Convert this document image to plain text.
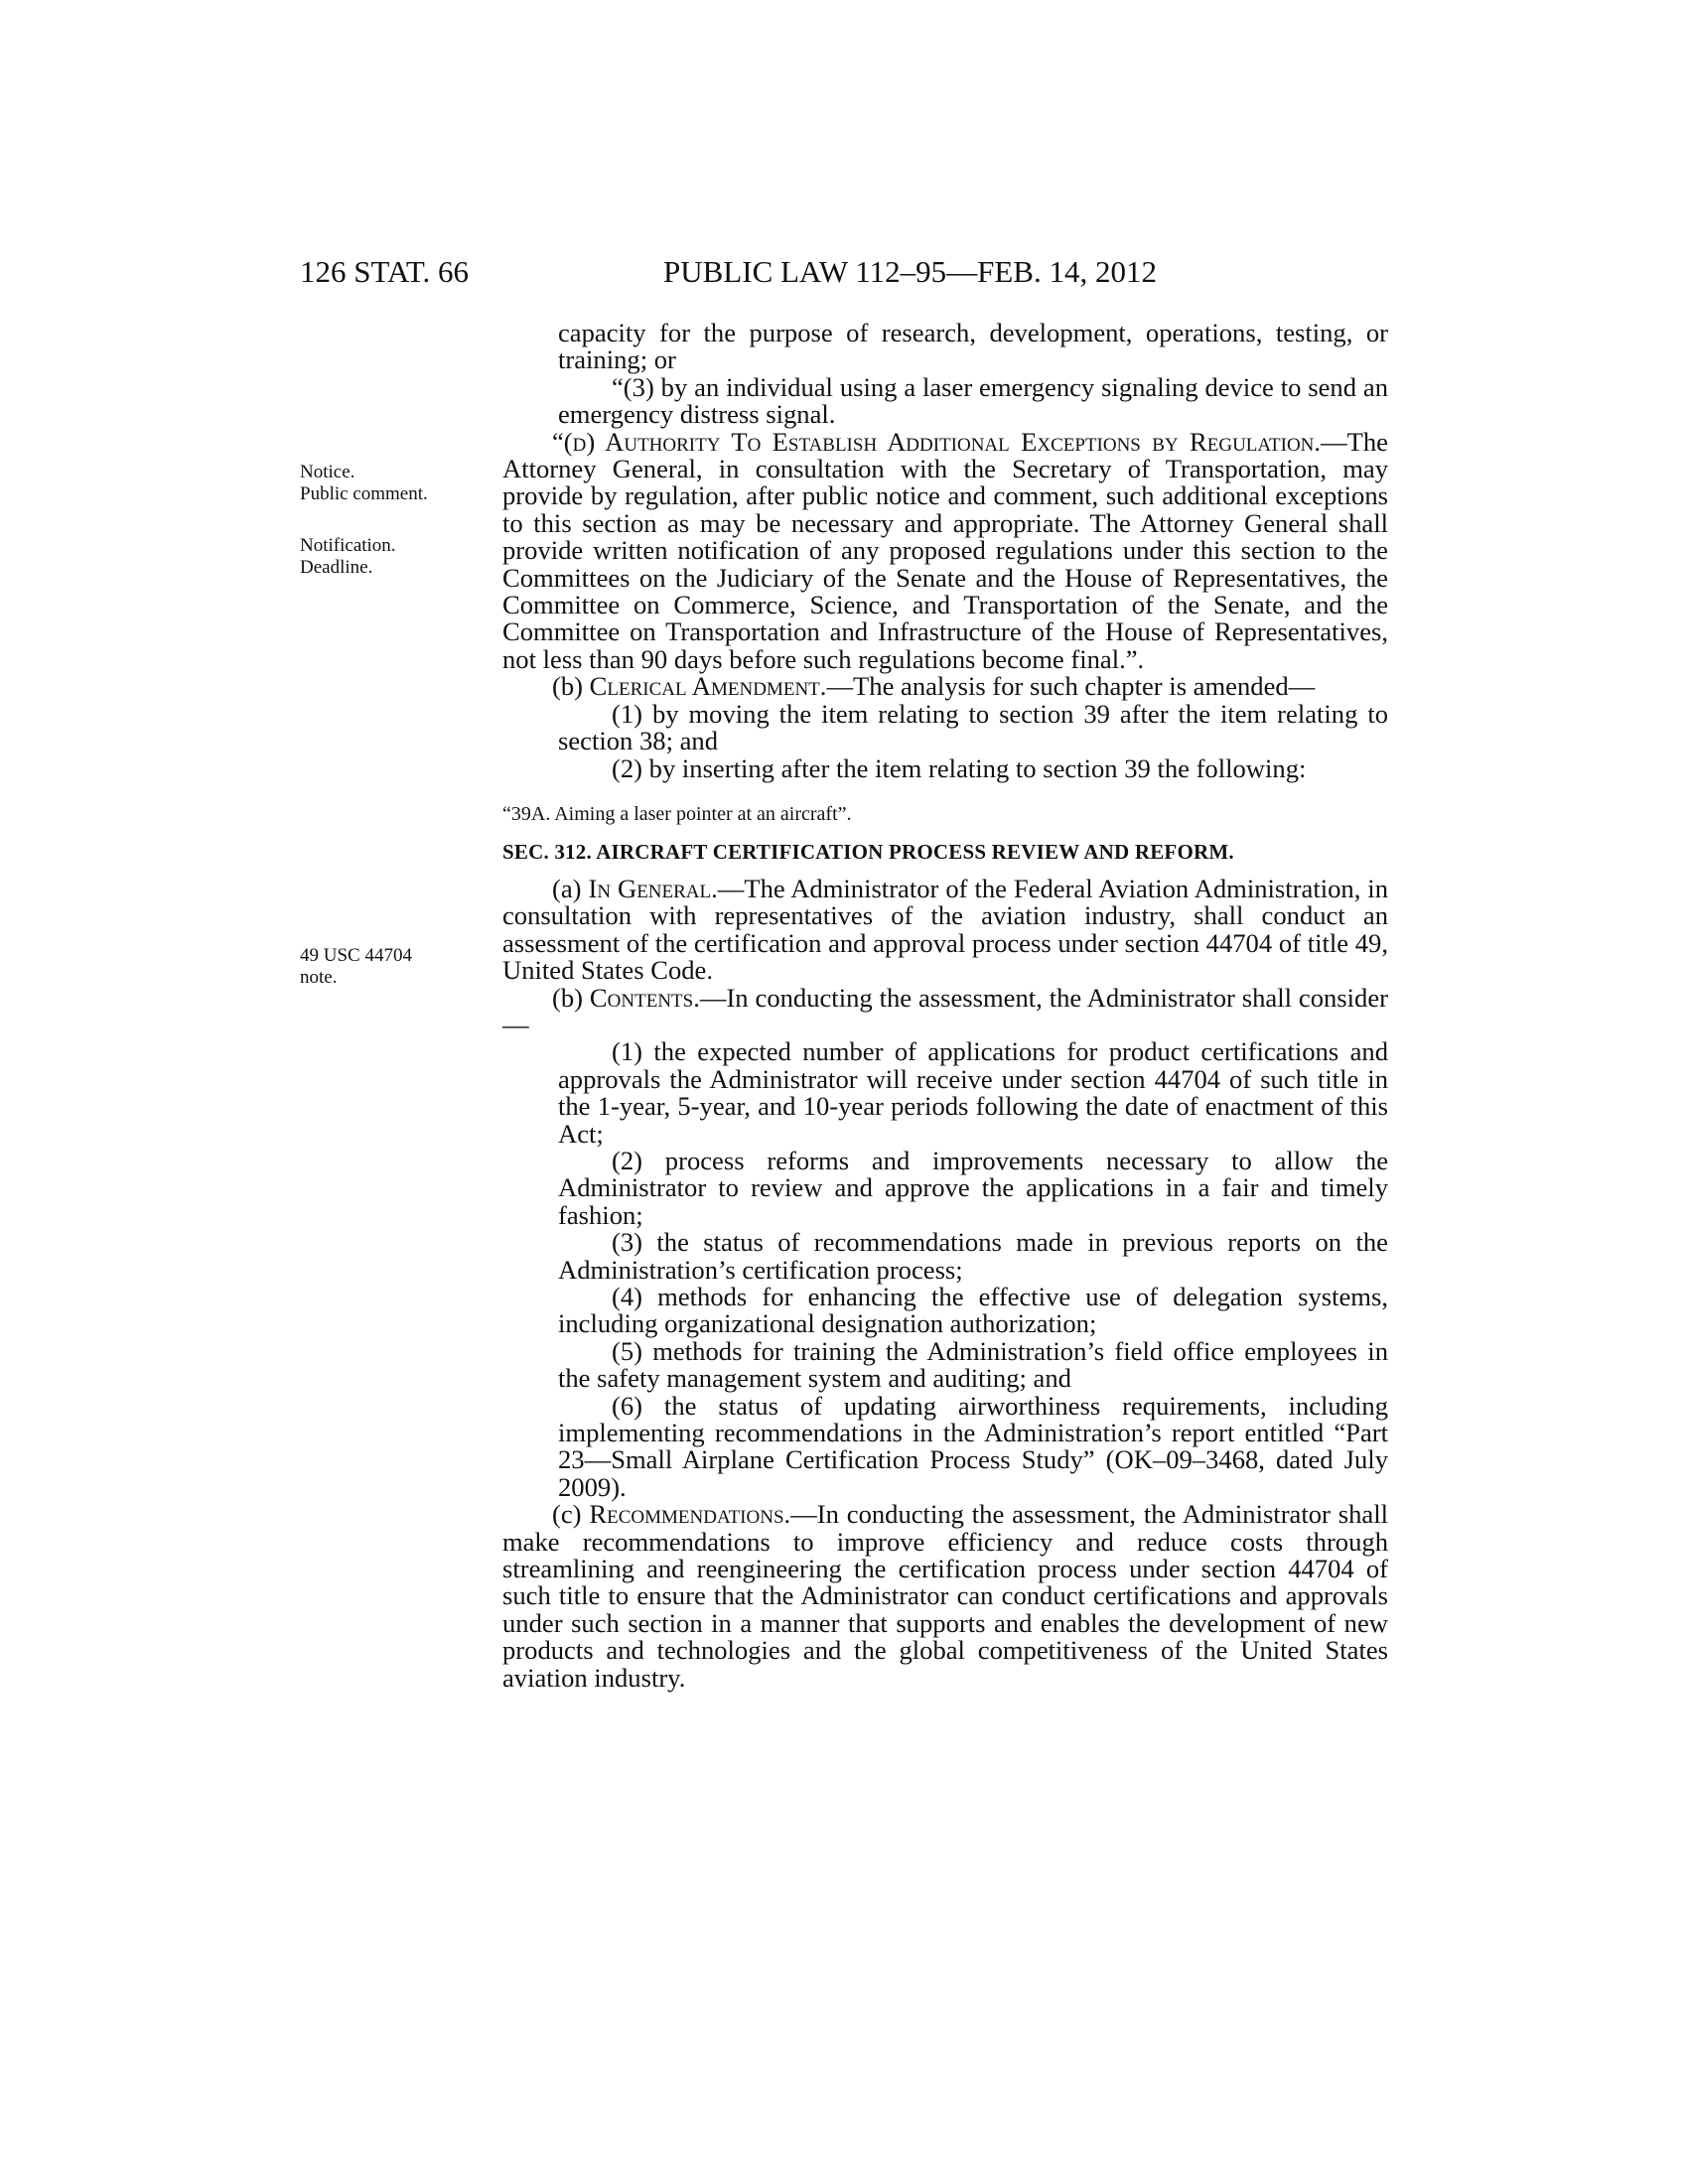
126 STAT. 66	PUBLIC LAW 112–95—FEB. 14, 2012
Notice.
Public comment.
Notification.
Deadline.
49 USC 44704
note.

capacity for the purpose of research, development, operations, testing, or training; or

“(3) by an individual using a laser emergency signaling device to send an emergency distress signal.

“(d) Authority To Establish Additional Exceptions by Regulation.—The Attorney General, in consultation with the Secretary of Transportation, may provide by regulation, after public notice and comment, such additional exceptions to this section as may be necessary and appropriate. The Attorney General shall provide written notification of any proposed regulations under this section to the Committees on the Judiciary of the Senate and the House of Representatives, the Committee on Commerce, Science, and Transportation of the Senate, and the Committee on Transportation and Infrastructure of the House of Representatives, not less than 90 days before such regulations become final.”.

(b) Clerical Amendment.—The analysis for such chapter is amended—

(1) by moving the item relating to section 39 after the item relating to section 38; and

(2) by inserting after the item relating to section 39 the following:

“39A. Aiming a laser pointer at an aircraft”.

SEC. 312. AIRCRAFT CERTIFICATION PROCESS REVIEW AND REFORM.

(a) In General.—The Administrator of the Federal Aviation Administration, in consultation with representatives of the aviation industry, shall conduct an assessment of the certification and approval process under section 44704 of title 49, United States Code.

(b) Contents.—In conducting the assessment, the Administrator shall consider—

(1) the expected number of applications for product certifications and approvals the Administrator will receive under section 44704 of such title in the 1-year, 5-year, and 10-year periods following the date of enactment of this Act;

(2) process reforms and improvements necessary to allow the Administrator to review and approve the applications in a fair and timely fashion;

(3) the status of recommendations made in previous reports on the Administration’s certification process;

(4) methods for enhancing the effective use of delegation systems, including organizational designation authorization;

(5) methods for training the Administration’s field office employees in the safety management system and auditing; and

(6) the status of updating airworthiness requirements, including implementing recommendations in the Administration’s report entitled “Part 23—Small Airplane Certification Process Study” (OK–09–3468, dated July 2009).

(c) Recommendations.—In conducting the assessment, the Administrator shall make recommendations to improve efficiency and reduce costs through streamlining and reengineering the certification process under section 44704 of such title to ensure that the Administrator can conduct certifications and approvals under such section in a manner that supports and enables the development of new products and technologies and the global competitiveness of the United States aviation industry.
